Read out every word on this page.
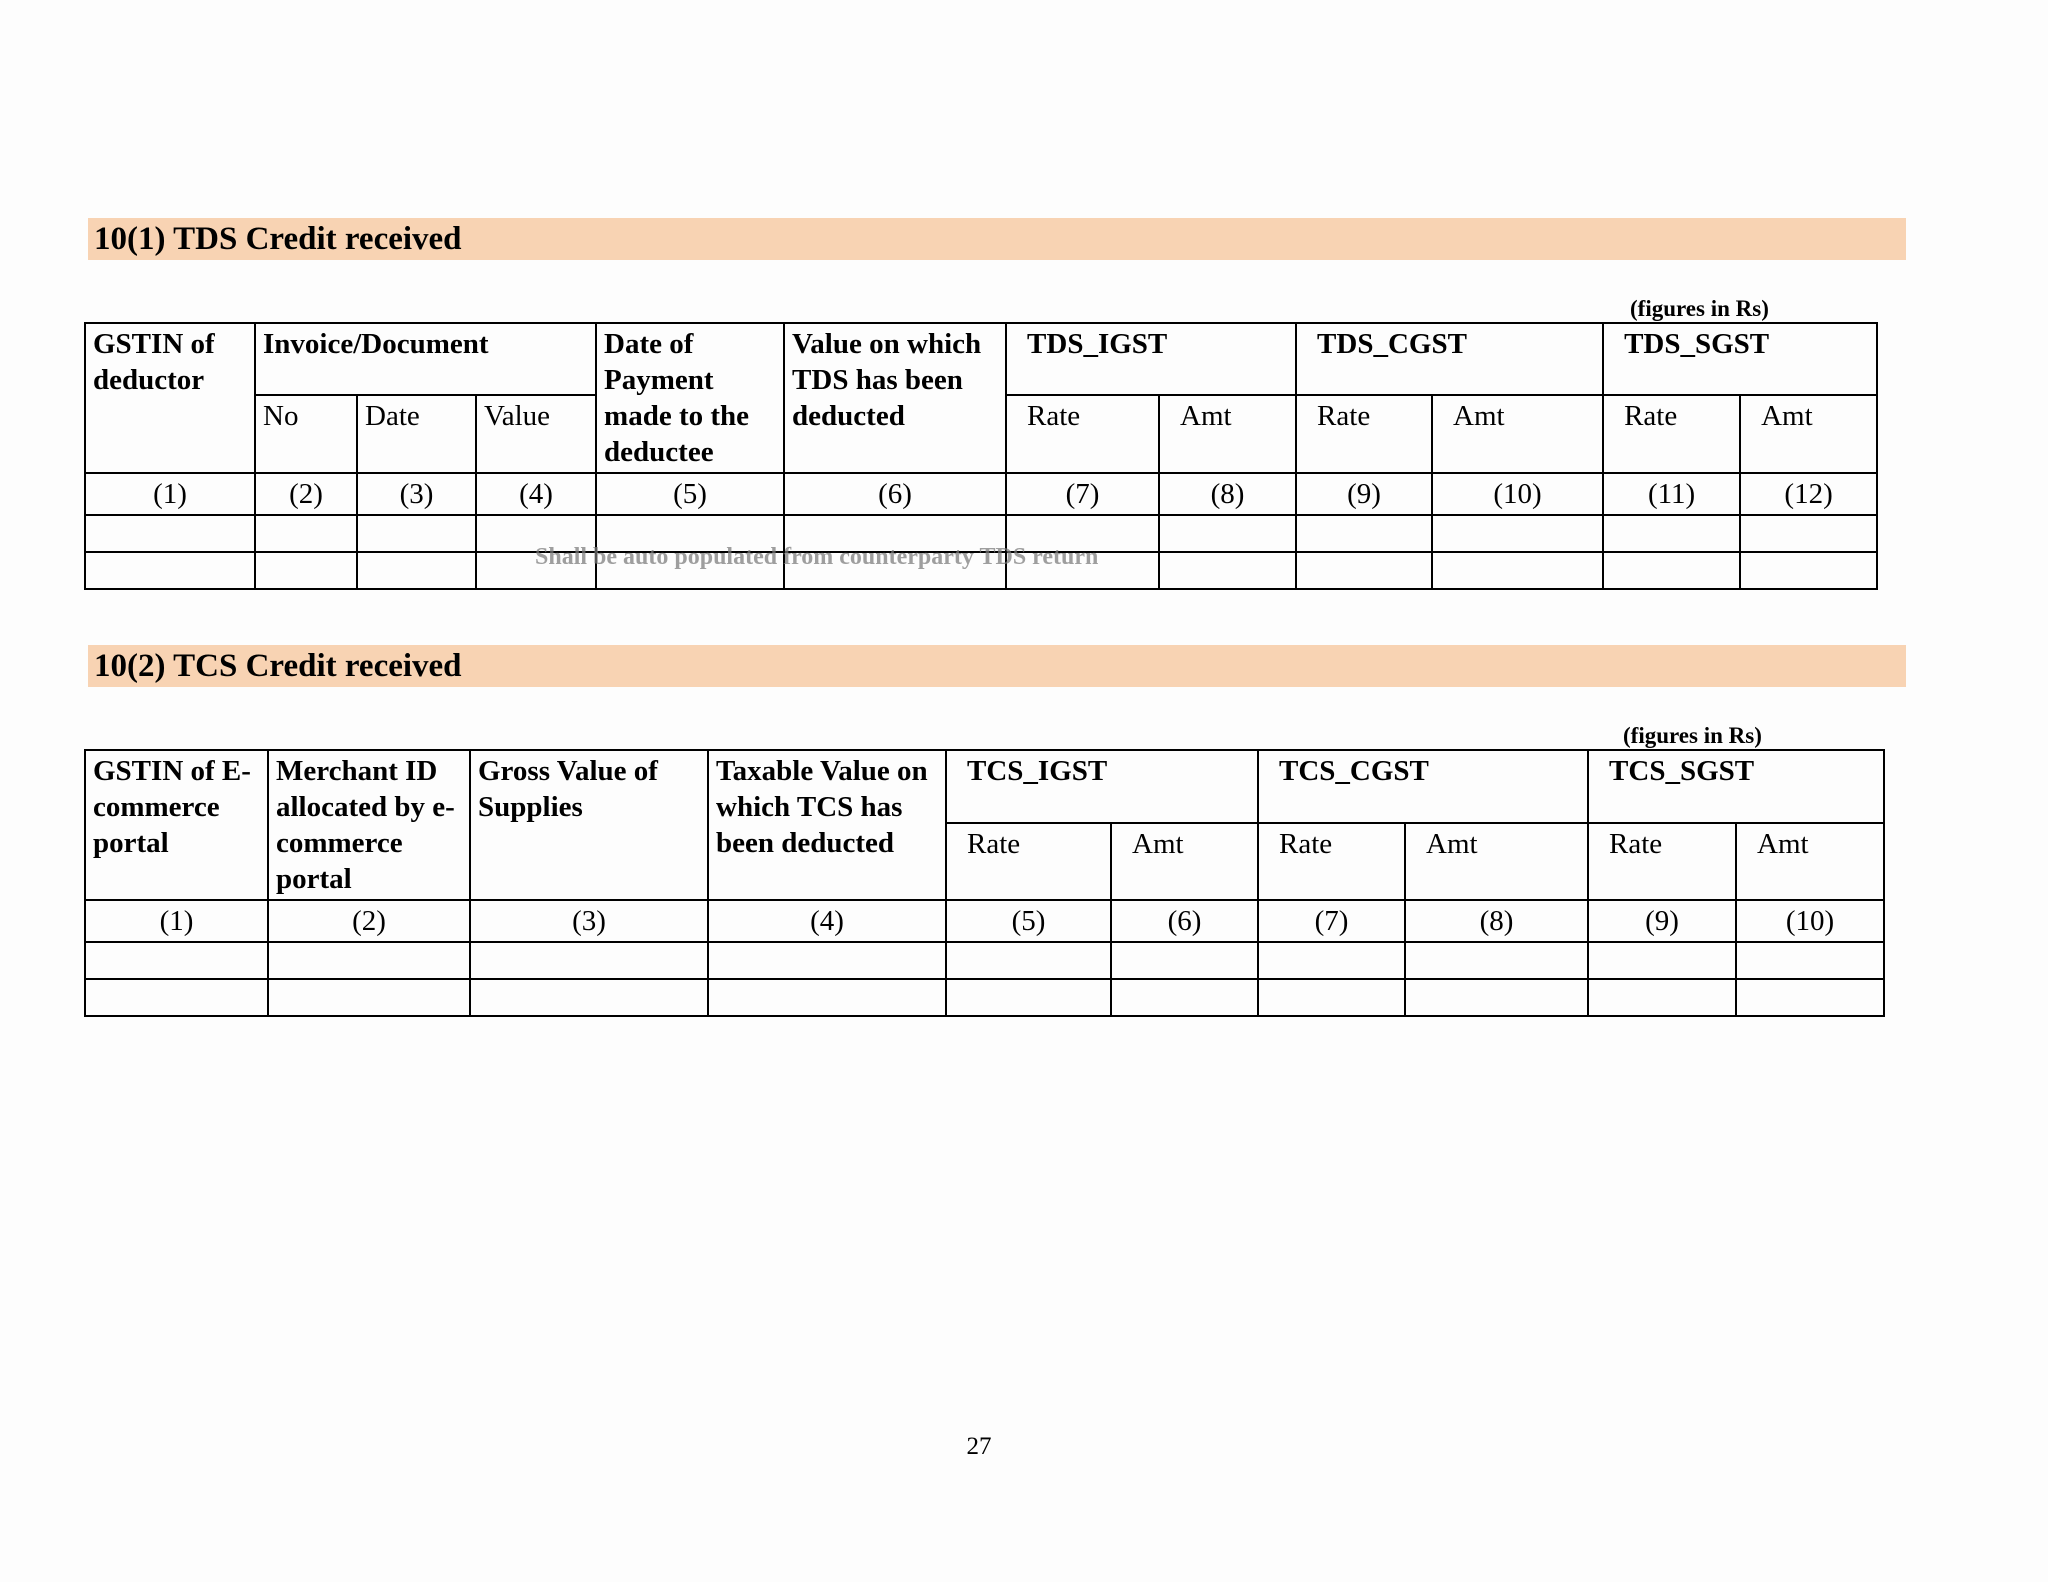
10(1) TDS Credit received
(figures in Rs)
GSTIN of deductor	Invoice/Document			Date of Payment made to the deductee	Value on which TDS has been deducted	TDS_IGST		TDS_CGST		TDS_SGST	
	No	Date	Value			Rate	Amt	Rate	Amt	Rate	Amt
(1)	(2)	(3)	(4)	(5)	(6)	(7)	(8)	(9)	(10)	(11)	(12)

Shall be auto populated from counterparty TDS return
10(2) TCS Credit received
(figures in Rs)
GSTIN of E-commerce portal	Merchant ID allocated by e-commerce portal	Gross Value of Supplies	Taxable Value on which TCS has been deducted	TCS_IGST		TCS_CGST		TCS_SGST	
				Rate	Amt	Rate	Amt	Rate	Amt
(1)	(2)	(3)	(4)	(5)	(6)	(7)	(8)	(9)	(10)

27
